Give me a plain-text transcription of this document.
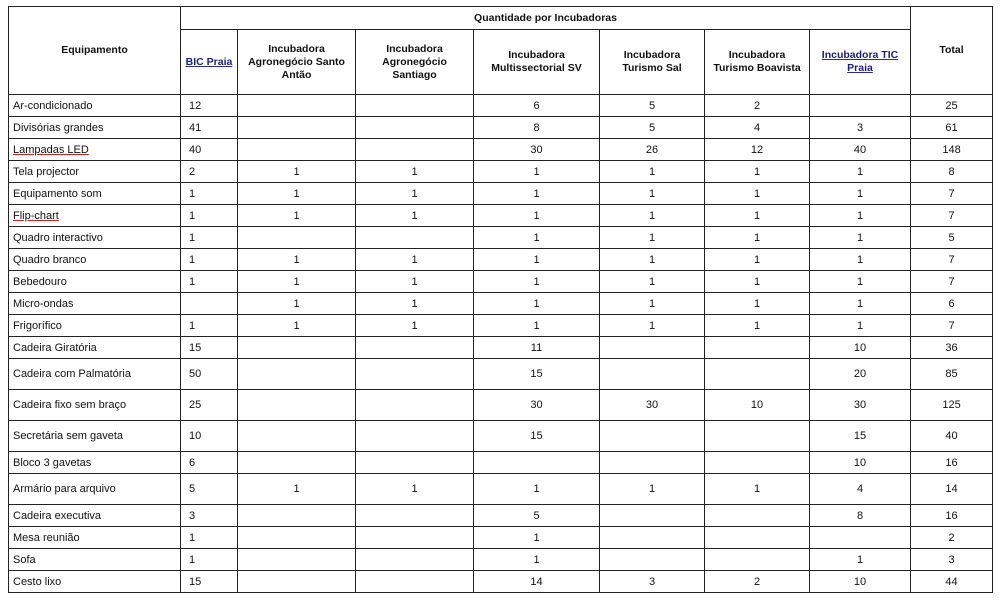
Equipamento	Quantidade por Incubadoras							Total
	BIC Praia	Incubadora Agronegócio Santo Antão	Incubadora Agronegócio Santiago	Incubadora Multissectorial SV	Incubadora Turismo Sal	Incubadora Turismo Boavista	Incubadora TIC Praia	
Ar-condicionado	12			6	5	2		25
Divisórias grandes	41			8	5	4	3	61
Lampadas LED	40			30	26	12	40	148
Tela projector	2	1	1	1	1	1	1	8
Equipamento som	1	1	1	1	1	1	1	7
Flip-chart	1	1	1	1	1	1	1	7
Quadro interactivo	1			1	1	1	1	5
Quadro branco	1	1	1	1	1	1	1	7
Bebedouro	1	1	1	1	1	1	1	7
Micro-ondas		1	1	1	1	1	1	6
Frigorífico	1	1	1	1	1	1	1	7
Cadeira Giratória	15			11			10	36
Cadeira com Palmatória	50			15			20	85
Cadeira fixo sem braço	25			30	30	10	30	125
Secretária sem gaveta	10			15			15	40
Bloco 3 gavetas	6						10	16
Armário para arquivo	5	1	1	1	1	1	4	14
Cadeira executiva	3			5			8	16
Mesa reunião	1			1				2
Sofa	1			1			1	3
Cesto lixo	15			14	3	2	10	44
